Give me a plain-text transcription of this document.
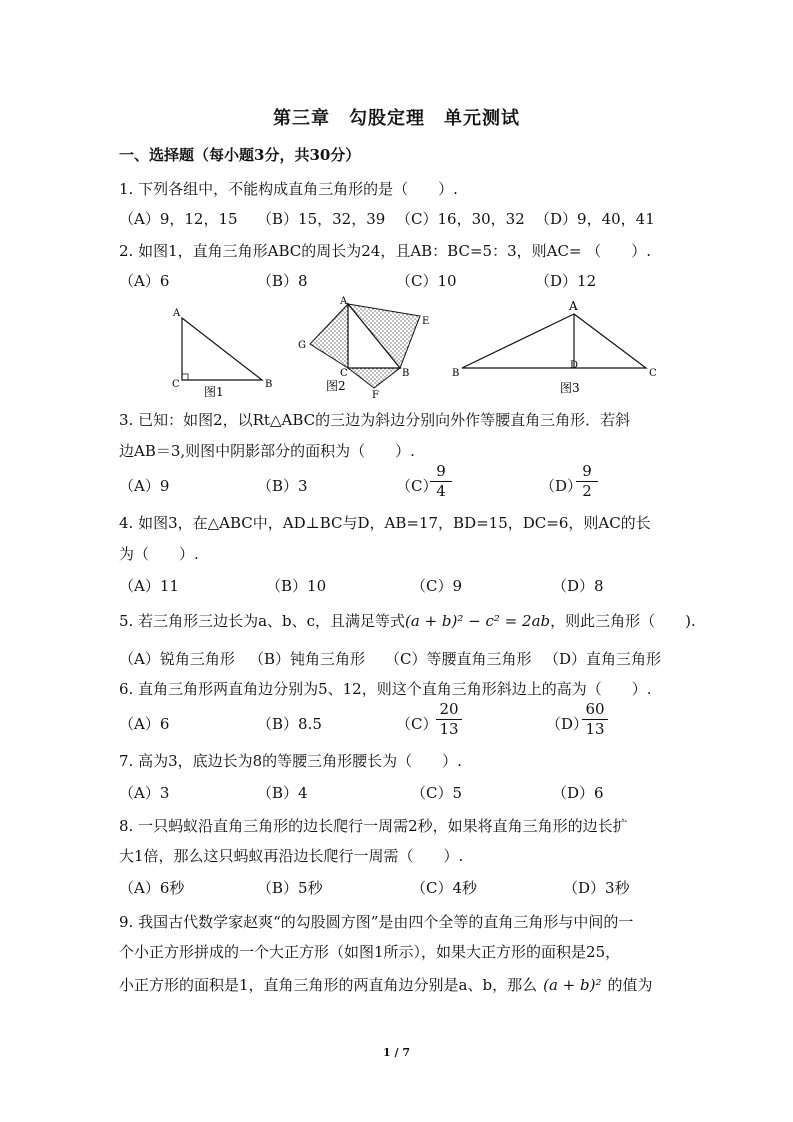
第三章　勾股定理　单元测试
一、选择题（每小题3分，共30分）
1. 下列各组中，不能构成直角三角形的是（　　）.
（A）9，12，15 （B）15，32，39 （C）16，30，32 （D）9，40，41
2. 如图1，直角三角形ABC的周长为24，且AB：BC=5：3，则AC= （　　）.
（A）6	（B）8	（C）10	（D）12
A
C	B
图1
A
E
G
C	B
F
图2
A
B	C
D
图3
3. 已知：如图2，以Rt△ABC的三边为斜边分别向外作等腰直角三角形．若斜
边AB＝3,则图中阴影部分的面积为（　　）.
（A）9	（B）3	（C）
9
4	（D）
9
2
4. 如图3，在△ABC中，AD⊥BC与D，AB=17，BD=15，DC=6，则AC的长
为（　　）.
（A）11	（B）10	（C）9	（D）8
5. 若三角形三边长为a、b、c，且满足等式(a + b)² − c² = 2ab，则此三角形（　　).
（A）锐角三角形 （B）钝角三角形 （C）等腰直角三角形 （D）直角三角形
6. 直角三角形两直角边分别为5、12，则这个直角三角形斜边上的高为（　　）.
（A）6	（B）8.5	（C）
20
13	（D）
60
13
7. 高为3，底边长为8的等腰三角形腰长为（　　）.
（A）3	（B）4	（C）5	（D）6
8. 一只蚂蚁沿直角三角形的边长爬行一周需2秒，如果将直角三角形的边长扩
大1倍，那么这只蚂蚁再沿边长爬行一周需（　　）.
（A）6秒	（B）5秒	（C）4秒	（D）3秒
9. 我国古代数学家赵爽“的勾股圆方图”是由四个全等的直角三角形与中间的一
个小正方形拼成的一个大正方形（如图1所示），如果大正方形的面积是25，
小正方形的面积是1，直角三角形的两直角边分别是a、b，那么 (a + b)² 的值为
1 / 7
